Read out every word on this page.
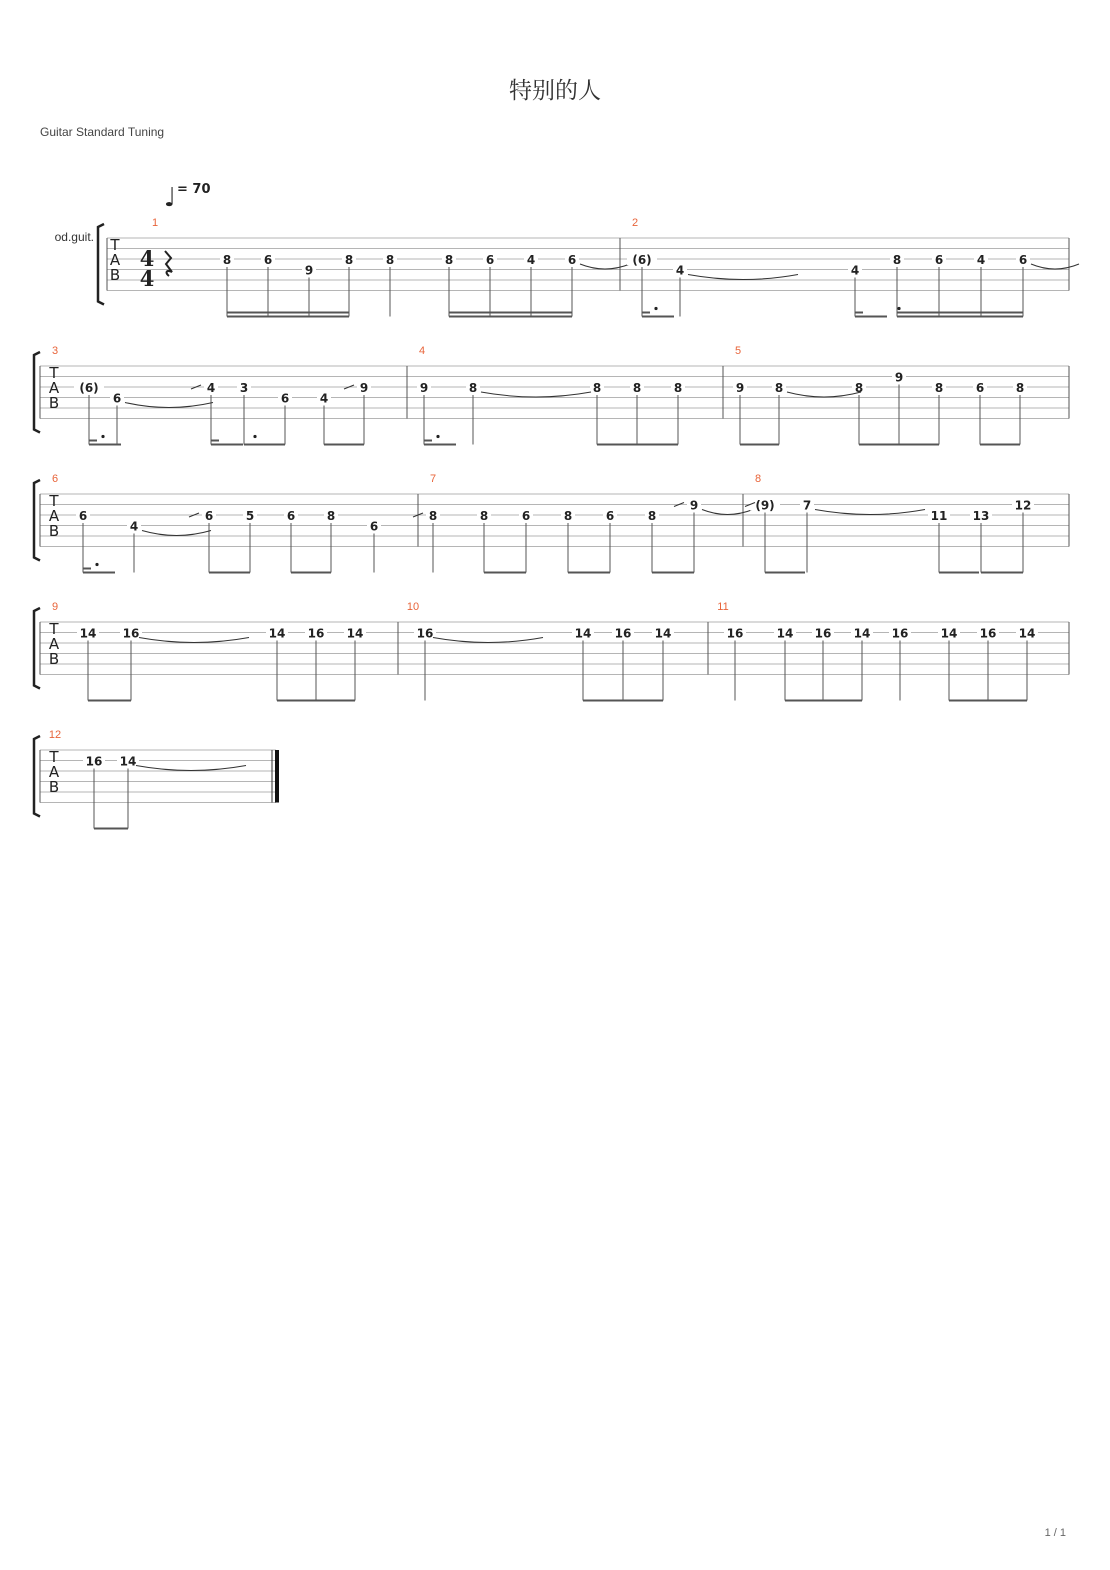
特别的人
Guitar Standard Tuning
1 / 1
T
A
B
T
A
B
T
A
B
T
A
B
T
A
B
od.guit.
♩ = 70
4
4
1
8	6
9
8	8	8	6	4	6
2
(6)
4	4
8	6	4	6
3
(6)
6
4 3
6	4
9
4
9	8	8	8	8
5
9	8	8
9
8	6	8
6
6
4
6	5	6	8
6
7
8	8	6	8	6	8
9
8
(9) 7
11 13
12
9
14 16	14 16 14
10
16	14 16 14
11
16	14 16 14 16	14 16 14
12
16 14
